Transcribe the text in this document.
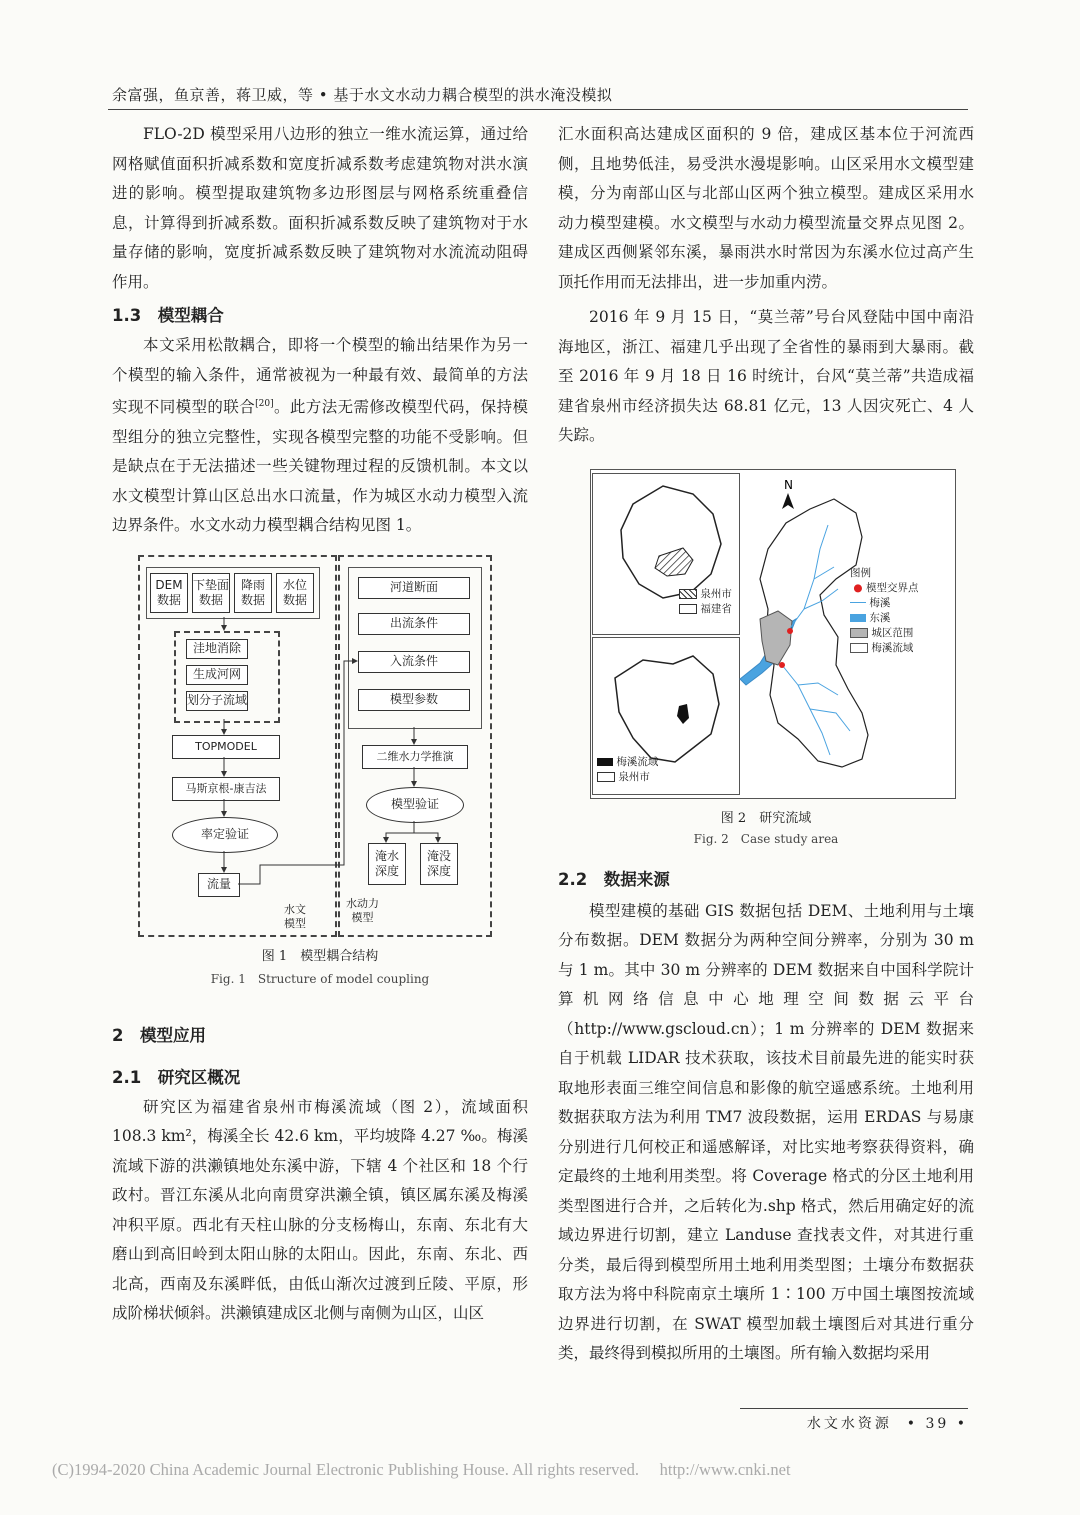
余富强，鱼京善，蒋卫威，等 • 基于水文水动力耦合模型的洪水淹没模拟

FLO-2D 模型采用八边形的独立一维水流运算，通过给网格赋值面积折减系数和宽度折减系数考虑建筑物对洪水演进的影响。模型提取建筑物多边形图层与网格系统重叠信息，计算得到折减系数。面积折减系数反映了建筑物对于水量存储的影响，宽度折减系数反映了建筑物对水流流动阻碍作用。

1.3　模型耦合

本文采用松散耦合，即将一个模型的输出结果作为另一个模型的输入条件，通常被视为一种最有效、最简单的方法实现不同模型的联合[20]。此方法无需修改模型代码，保持模型组分的独立完整性，实现各模型完整的功能不受影响。但是缺点在于无法描述一些关键物理过程的反馈机制。本文以水文模型计算山区总出水口流量，作为城区水动力模型入流边界条件。水文水动力模型耦合结构见图 1。

DEM
数据
下垫面
数据
降雨
数据
水位
数据
洼地消除
生成河网
划分子流域
TOPMODEL
马斯京根-康吉法
率定验证
流量
水文
模型
河道断面
出流条件
入流条件
模型参数
二维水力学推演
模型验证
淹水
深度
淹没
深度
水动力
模型

图 1　模型耦合结构

Fig. 1　Structure of model coupling

2　模型应用

2.1　研究区概况

研究区为福建省泉州市梅溪流域（图 2），流域面积 108.3 km²，梅溪全长 42.6 km，平均坡降 4.27 ‰。梅溪流域下游的洪濑镇地处东溪中游，下辖 4 个社区和 18 个行政村。晋江东溪从北向南贯穿洪濑全镇，镇区属东溪及梅溪冲积平原。西北有天柱山脉的分支杨梅山，东南、东北有大磨山到高旧岭到太阳山脉的太阳山。因此，东南、东北、西北高，西南及东溪畔低，由低山渐次过渡到丘陵、平原，形成阶梯状倾斜。洪濑镇建成区北侧与南侧为山区，山区

汇水面积高达建成区面积的 9 倍，建成区基本位于河流西侧，且地势低洼，易受洪水漫堤影响。山区采用水文模型建模，分为南部山区与北部山区两个独立模型。建成区采用水动力模型建模。水文模型与水动力模型流量交界点见图 2。建成区西侧紧邻东溪，暴雨洪水时常因为东溪水位过高产生顶托作用而无法排出，进一步加重内涝。

2016 年 9 月 15 日，“莫兰蒂”号台风登陆中国中南沿海地区，浙江、福建几乎出现了全省性的暴雨到大暴雨。截至 2016 年 9 月 18 日 16 时统计，台风“莫兰蒂”共造成福建省泉州市经济损失达 68.81 亿元，13 人因灾死亡、4 人失踪。

泉州市
福建省
梅溪流域
泉州市
N
图例
● 模型交界点
梅溪
东溪
城区范围
梅溪流域

图 2　研究流域

Fig. 2　Case study area

2.2　数据来源

模型建模的基础 GIS 数据包括 DEM、土地利用与土壤分布数据。DEM 数据分为两种空间分辨率，分别为 30 m 与 1 m。其中 30 m 分辨率的 DEM 数据来自中国科学院计算机网络信息中心地理空间数据云平台（http://www.gscloud.cn）；1 m 分辨率的 DEM 数据来自于机载 LIDAR 技术获取，该技术目前最先进的能实时获取地形表面三维空间信息和影像的航空遥感系统。土地利用数据获取方法为利用 TM7 波段数据，运用 ERDAS 与易康分别进行几何校正和遥感解译，对比实地考察获得资料，确定最终的土地利用类型。将 Coverage 格式的分区土地利用类型图进行合并，之后转化为.shp 格式，然后用确定好的流域边界进行切割，建立 Landuse 查找表文件，对其进行重分类，最后得到模型所用土地利用类型图；土壤分布数据获取方法为将中科院南京土壤所 1∶100 万中国土壤图按流域边界进行切割，在 SWAT 模型加载土壤图后对其进行重分类，最终得到模拟所用的土壤图。所有输入数据均采用

水文水资源 • 39 •
(C)1994-2020 China Academic Journal Electronic Publishing House. All rights reserved.　 http://www.cnki.net
